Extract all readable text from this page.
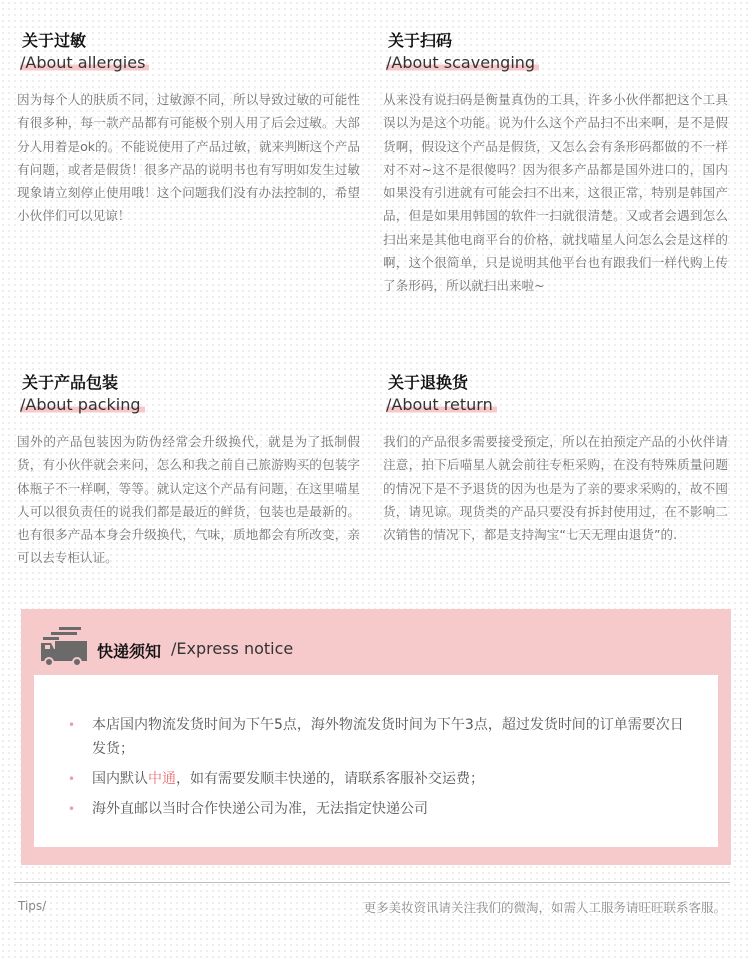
关于过敏
/About allergies
因为每个人的肤质不同，过敏源不同，所以导致过敏的可能性有很多种，每一款产品都有可能极个别人用了后会过敏。大部分人用着是ok的。不能说使用了产品过敏，就来判断这个产品有问题，或者是假货！很多产品的说明书也有写明如发生过敏现象请立刻停止使用哦！这个问题我们没有办法控制的，希望小伙伴们可以见谅！
关于扫码
/About scavenging
从来没有说扫码是衡量真伪的工具，许多小伙伴都把这个工具误以为是这个功能。说为什么这个产品扫不出来啊，是不是假货啊，假设这个产品是假货，又怎么会有条形码都做的不一样对不对~这不是很傻吗？因为很多产品都是国外进口的，国内如果没有引进就有可能会扫不出来，这很正常，特别是韩国产品，但是如果用韩国的软件一扫就很清楚。又或者会遇到怎么扫出来是其他电商平台的价格，就找喵星人问怎么会是这样的啊，这个很简单，只是说明其他平台也有跟我们一样代购上传了条形码，所以就扫出来啦~
关于产品包装
/About packing
国外的产品包装因为防伪经常会升级换代，就是为了抵制假货，有小伙伴就会来问，怎么和我之前自己旅游购买的包装字体瓶子不一样啊，等等。就认定这个产品有问题，在这里喵星人可以很负责任的说我们都是最近的鲜货，包装也是最新的。也有很多产品本身会升级换代，气味，质地都会有所改变，亲可以去专柜认证。
关于退换货
/About return
我们的产品很多需要接受预定，所以在拍预定产品的小伙伴请注意，拍下后喵星人就会前往专柜采购，在没有特殊质量问题的情况下是不予退货的因为也是为了亲的要求采购的，故不囤货，请见谅。现货类的产品只要没有拆封使用过，在不影响二次销售的情况下，都是支持淘宝“七天无理由退货”的.
快递须知 /Express notice
• 本店国内物流发货时间为下午5点，海外物流发货时间为下午3点，超过发货时间的订单需要次日发货；
• 国内默认中通，如有需要发顺丰快递的，请联系客服补交运费；
• 海外直邮以当时合作快递公司为准，无法指定快递公司
Tips/	更多美妆资讯请关注我们的微淘，如需人工服务请旺旺联系客服。
